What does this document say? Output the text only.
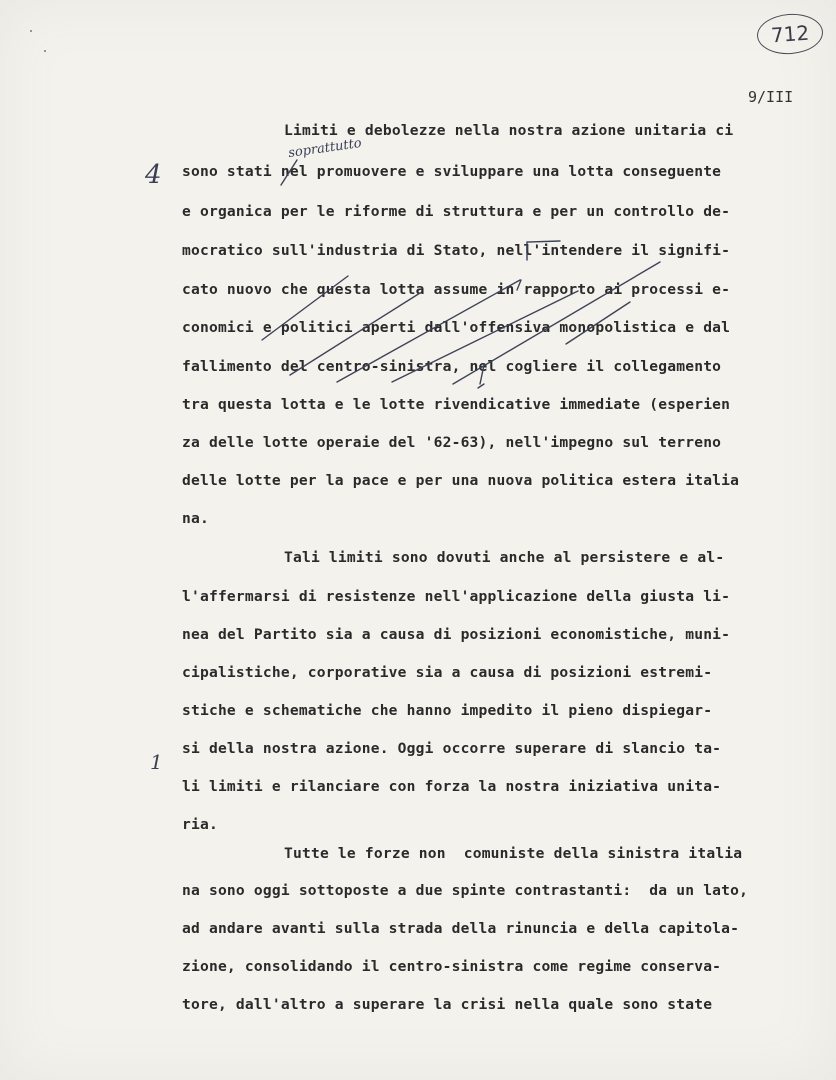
712
9/III
soprattutto
4
1
Limiti e debolezze nella nostra azione unitaria ci
sono stati nel promuovere e sviluppare una lotta conseguente
e organica per le riforme di struttura e per un controllo de-
mocratico sull'industria di Stato, nell'intendere il signifi-
cato nuovo che questa lotta assume in rapporto ai processi e-
conomici e politici aperti dall'offensiva monopolistica e dal
fallimento del centro-sinistra, nel cogliere il collegamento
tra questa lotta e le lotte rivendicative immediate (esperien
za delle lotte operaie del '62-63), nell'impegno sul terreno
delle lotte per la pace e per una nuova politica estera italia
na.
Tali limiti sono dovuti anche al persistere e al-
l'affermarsi di resistenze nell'applicazione della giusta li-
nea del Partito sia a causa di posizioni economistiche, muni-
cipalistiche, corporative sia a causa di posizioni estremi-
stiche e schematiche che hanno impedito il pieno dispiegar-
si della nostra azione. Oggi occorre superare di slancio ta-
li limiti e rilanciare con forza la nostra iniziativa unita-
ria.
Tutte le forze non  comuniste della sinistra italia
na sono oggi sottoposte a due spinte contrastanti:  da un lato,
ad andare avanti sulla strada della rinuncia e della capitola-
zione, consolidando il centro-sinistra come regime conserva-
tore, dall'altro a superare la crisi nella quale sono state
